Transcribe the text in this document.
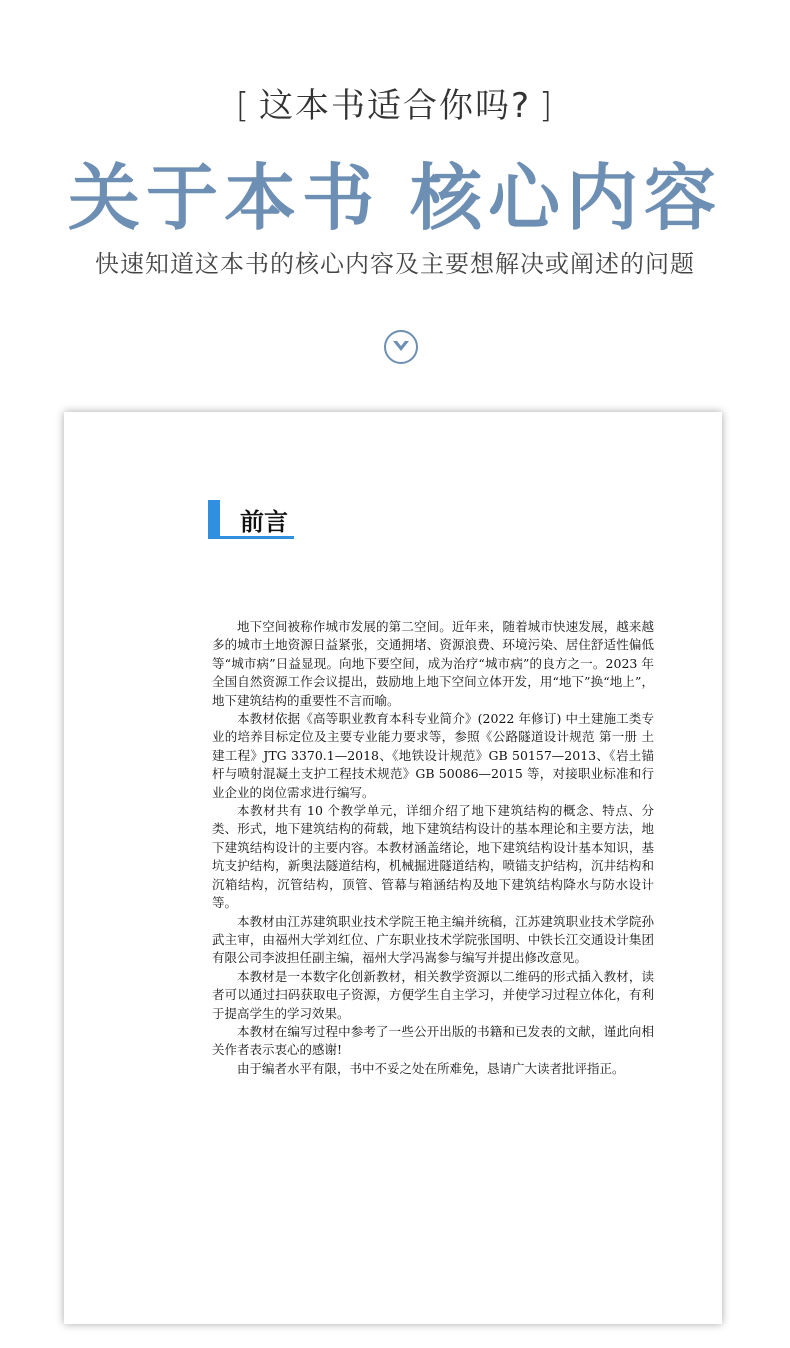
[ 这本书适合你吗? ]
关于本书 核心内容
快速知道这本书的核心内容及主要想解决或阐述的问题
前言

地下空间被称作城市发展的第二空间。近年来，随着城市快速发展，越来越多的城市土地资源日益紧张，交通拥堵、资源浪费、环境污染、居住舒适性偏低等“城市病”日益显现。向地下要空间，成为治疗“城市病”的良方之一。2023 年全国自然资源工作会议提出，鼓励地上地下空间立体开发，用“地下”换“地上”，地下建筑结构的重要性不言而喻。

本教材依据《高等职业教育本科专业简介》(2022 年修订) 中土建施工类专业的培养目标定位及主要专业能力要求等，参照《公路隧道设计规范 第一册 土建工程》JTG 3370.1—2018、《地铁设计规范》GB 50157—2013、《岩土锚杆与喷射混凝土支护工程技术规范》GB 50086—2015 等，对接职业标准和行业企业的岗位需求进行编写。

本教材共有 10 个教学单元，详细介绍了地下建筑结构的概念、特点、分类、形式，地下建筑结构的荷载，地下建筑结构设计的基本理论和主要方法，地下建筑结构设计的主要内容。本教材涵盖绪论，地下建筑结构设计基本知识，基坑支护结构，新奥法隧道结构，机械掘进隧道结构，喷锚支护结构，沉井结构和沉箱结构，沉管结构，顶管、管幕与箱涵结构及地下建筑结构降水与防水设计等。

本教材由江苏建筑职业技术学院王艳主编并统稿，江苏建筑职业技术学院孙武主审，由福州大学刘红位、广东职业技术学院张国明、中铁长江交通设计集团有限公司李波担任副主编，福州大学冯嵩参与编写并提出修改意见。

本教材是一本数字化创新教材，相关教学资源以二维码的形式插入教材，读者可以通过扫码获取电子资源，方便学生自主学习，并使学习过程立体化，有利于提高学生的学习效果。

本教材在编写过程中参考了一些公开出版的书籍和已发表的文献，谨此向相关作者表示衷心的感谢!

由于编者水平有限，书中不妥之处在所难免，恳请广大读者批评指正。
